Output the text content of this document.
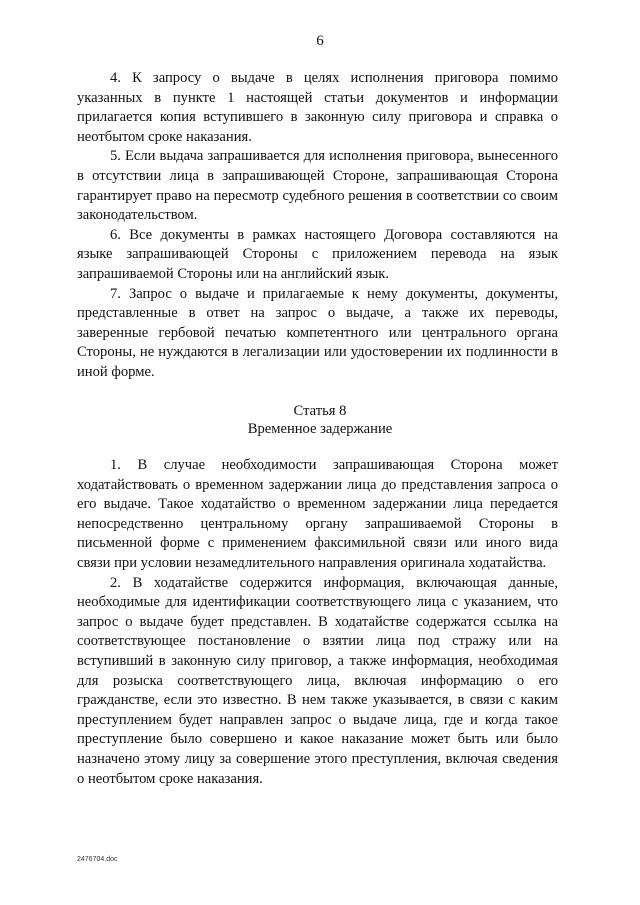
6

4. К запросу о выдаче в целях исполнения приговора помимо указанных в пункте 1 настоящей статьи документов и информации прилагается копия вступившего в законную силу приговора и справка о неотбытом сроке наказания.

5. Если выдача запрашивается для исполнения приговора, вынесенного в отсутствии лица в запрашивающей Стороне, запрашивающая Сторона гарантирует право на пересмотр судебного решения в соответствии со своим законодательством.

6. Все документы в рамках настоящего Договора составляются на языке запрашивающей Стороны с приложением перевода на язык запрашиваемой Стороны или на английский язык.

7. Запрос о выдаче и прилагаемые к нему документы, документы, представленные в ответ на запрос о выдаче, а также их переводы, заверенные гербовой печатью компетентного или центрального органа Стороны, не нуждаются в легализации или удостоверении их подлинности в иной форме.

Статья 8
Временное задержание

1. В случае необходимости запрашивающая Сторона может ходатайствовать о временном задержании лица до представления запроса о его выдаче. Такое ходатайство о временном задержании лица передается непосредственно центральному органу запрашиваемой Стороны в письменной форме с применением факсимильной связи или иного вида связи при условии незамедлительного направления оригинала ходатайства.

2. В ходатайстве содержится информация, включающая данные, необходимые для идентификации соответствующего лица с указанием, что запрос о выдаче будет представлен. В ходатайстве содержатся ссылка на соответствующее постановление о взятии лица под стражу или на вступивший в законную силу приговор, а также информация, необходимая для розыска соответствующего лица, включая информацию о его гражданстве, если это известно. В нем также указывается, в связи с каким преступлением будет направлен запрос о выдаче лица, где и когда такое преступление было совершено и какое наказание может быть или было назначено этому лицу за совершение этого преступления, включая сведения о неотбытом сроке наказания.

2476704.doc
